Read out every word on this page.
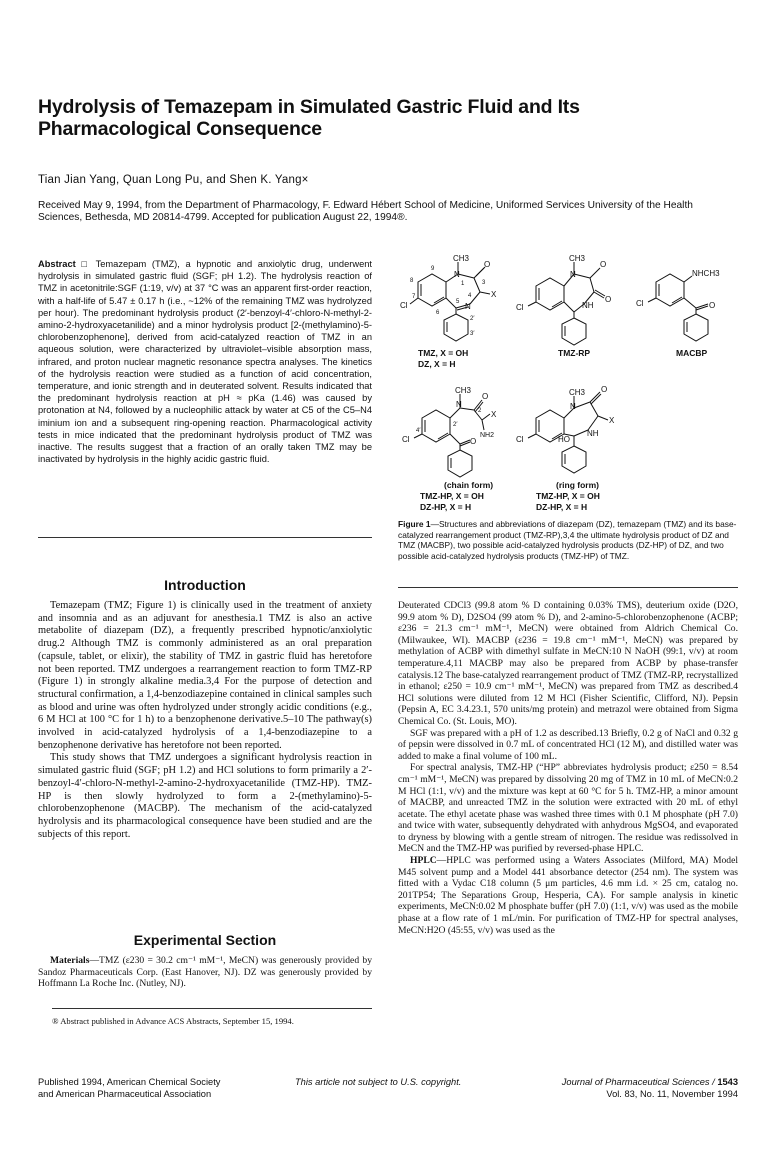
Hydrolysis of Temazepam in Simulated Gastric Fluid and Its Pharmacological Consequence
Tian Jian Yang, Quan Long Pu, and Shen K. Yang×
Received May 9, 1994, from the Department of Pharmacology, F. Edward Hébert School of Medicine, Uniformed Services University of the Health Sciences, Bethesda, MD 20814-4799. Accepted for publication August 22, 1994®.
Abstract □ Temazepam (TMZ), a hypnotic and anxiolytic drug, underwent hydrolysis in simulated gastric fluid (SGF; pH 1.2). The hydrolysis reaction of TMZ in acetonitrile:SGF (1:19, v/v) at 37 °C was an apparent first-order reaction, with a half-life of 5.47 ± 0.17 h (i.e., ~12% of the remaining TMZ was hydrolyzed per hour). The predominant hydrolysis product (2′-benzoyl-4′-chloro-N-methyl-2-amino-2-hydroxyacetanilide) and a minor hydrolysis product [2-(methylamino)-5-chlorobenzophenone], derived from acid-catalyzed reaction of TMZ in an aqueous solution, were characterized by ultraviolet–visible absorption mass, infrared, and proton nuclear magnetic resonance spectra analyses. The kinetics of the hydrolysis reaction were studied as a function of acid concentration, temperature, and ionic strength and in deuterated solvent. Results indicated that the predominant hydrolysis reaction at pH ≈ pKa (1.46) was caused by protonation at N4, followed by a nucleophilic attack by water at C5 of the C5–N4 iminium ion and a subsequent ring-opening reaction. Pharmacological activity tests in mice indicated that the predominant hydrolysis product of TMZ was inactive. The results suggest that a fraction of an orally taken TMZ may be inactivated by hydrolysis in the highly acidic gastric fluid.
CH3
N
O
X
N
Cl
1	3
4
5
6
7
8
9
2′
3′
TMZ, X = OH
DZ, X = H
CH3
N
O
O
NH
Cl
TMZ-RP
NHCH3
O
Cl
MACBP
CH3
N
O
X
NH2
O
Cl
2
2′
4′
(chain form)
TMZ-HP, X = OH
DZ-HP, X = H
CH3
N
O
X
NH
HO
Cl
(ring form)
TMZ-HP, X = OH
DZ-HP, X = H
Figure 1—Structures and abbreviations of diazepam (DZ), temazepam (TMZ) and its base-catalyzed rearrangement product (TMZ-RP),3,4 the ultimate hydrolysis product of DZ and TMZ (MACBP), two possible acid-catalyzed hydrolysis products (DZ-HP) of DZ, and two possible acid-catalyzed hydrolysis products (TMZ-HP) of TMZ.
Introduction

Temazepam (TMZ; Figure 1) is clinically used in the treatment of anxiety and insomnia and as an adjuvant for anesthesia.1 TMZ is also an active metabolite of diazepam (DZ), a frequently prescribed hypnotic/anxiolytic drug.2 Although TMZ is commonly administered as an oral preparation (capsule, tablet, or elixir), the stability of TMZ in gastric fluid has heretofore not been reported. TMZ undergoes a rearrangement reaction to form TMZ-RP (Figure 1) in strongly alkaline media.3,4 For the purpose of detection and structural confirmation, a 1,4-benzodiazepine contained in clinical samples such as blood and urine was often hydrolyzed under strongly acidic conditions (e.g., 6 M HCl at 100 °C for 1 h) to a benzophenone derivative.5–10 The pathway(s) involved in acid-catalyzed hydrolysis of a 1,4-benzodiazepine to a benzophenone derivative has heretofore not been reported.

This study shows that TMZ undergoes a significant hydrolysis reaction in simulated gastric fluid (SGF; pH 1.2) and HCl solutions to form primarily a 2′-benzoyl-4′-chloro-N-methyl-2-amino-2-hydroxyacetanilide (TMZ-HP). TMZ-HP is then slowly hydrolyzed to form a 2-(methylamino)-5-chlorobenzophenone (MACBP). The mechanism of the acid-catalyzed hydrolysis and its pharmacological consequence have been studied and are the subjects of this report.

Experimental Section

Materials—TMZ (ε230 = 30.2 cm⁻¹ mM⁻¹, MeCN) was generously provided by Sandoz Pharmaceuticals Corp. (East Hanover, NJ). DZ was generously provided by Hoffmann La Roche Inc. (Nutley, NJ).

® Abstract published in Advance ACS Abstracts, September 15, 1994.

Deuterated CDCl3 (99.8 atom % D containing 0.03% TMS), deuterium oxide (D2O, 99.9 atom % D), D2SO4 (99 atom % D), and 2-amino-5-chlorobenzophenone (ACBP; ε236 = 21.3 cm⁻¹ mM⁻¹, MeCN) were obtained from Aldrich Chemical Co. (Milwaukee, WI). MACBP (ε236 = 19.8 cm⁻¹ mM⁻¹, MeCN) was prepared by methylation of ACBP with dimethyl sulfate in MeCN:10 N NaOH (99:1, v/v) at room temperature.4,11 MACBP may also be prepared from ACBP by phase-transfer catalysis.12 The base-catalyzed rearrangement product of TMZ (TMZ-RP, recrystallized in ethanol; ε250 = 10.9 cm⁻¹ mM⁻¹, MeCN) was prepared from TMZ as described.4 HCl solutions were diluted from 12 M HCl (Fisher Scientific, Clifford, NJ). Pepsin (Pepsin A, EC 3.4.23.1, 570 units/mg protein) and metrazol were obtained from Sigma Chemical Co. (St. Louis, MO).

SGF was prepared with a pH of 1.2 as described.13 Briefly, 0.2 g of NaCl and 0.32 g of pepsin were dissolved in 0.7 mL of concentrated HCl (12 M), and distilled water was added to make a final volume of 100 mL.

For spectral analysis, TMZ-HP (“HP” abbreviates hydrolysis product; ε250 = 8.54 cm⁻¹ mM⁻¹, MeCN) was prepared by dissolving 20 mg of TMZ in 10 mL of MeCN:0.2 M HCl (1:1, v/v) and the mixture was kept at 60 °C for 5 h. TMZ-HP, a minor amount of MACBP, and unreacted TMZ in the solution were extracted with 20 mL of ethyl acetate. The ethyl acetate phase was washed three times with 0.1 M phosphate (pH 7.0) and twice with water, subsequently dehydrated with anhydrous MgSO4, and evaporated to dryness by blowing with a gentle stream of nitrogen. The residue was redissolved in MeCN and the TMZ-HP was purified by reversed-phase HPLC.

HPLC—HPLC was performed using a Waters Associates (Milford, MA) Model M45 solvent pump and a Model 441 absorbance detector (254 nm). The system was fitted with a Vydac C18 column (5 μm particles, 4.6 mm i.d. × 25 cm, catalog no. 201TP54; The Separations Group, Hesperia, CA). For sample analysis in kinetic experiments, MeCN:0.02 M phosphate buffer (pH 7.0) (1:1, v/v) was used as the mobile phase at a flow rate of 1 mL/min. For purification of TMZ-HP for spectral analyses, MeCN:H2O (45:55, v/v) was used as the

Published 1994, American Chemical Society
and American Pharmaceutical Association
This article not subject to U.S. copyright.	Journal of Pharmaceutical Sciences / 1543
Vol. 83, No. 11, November 1994
